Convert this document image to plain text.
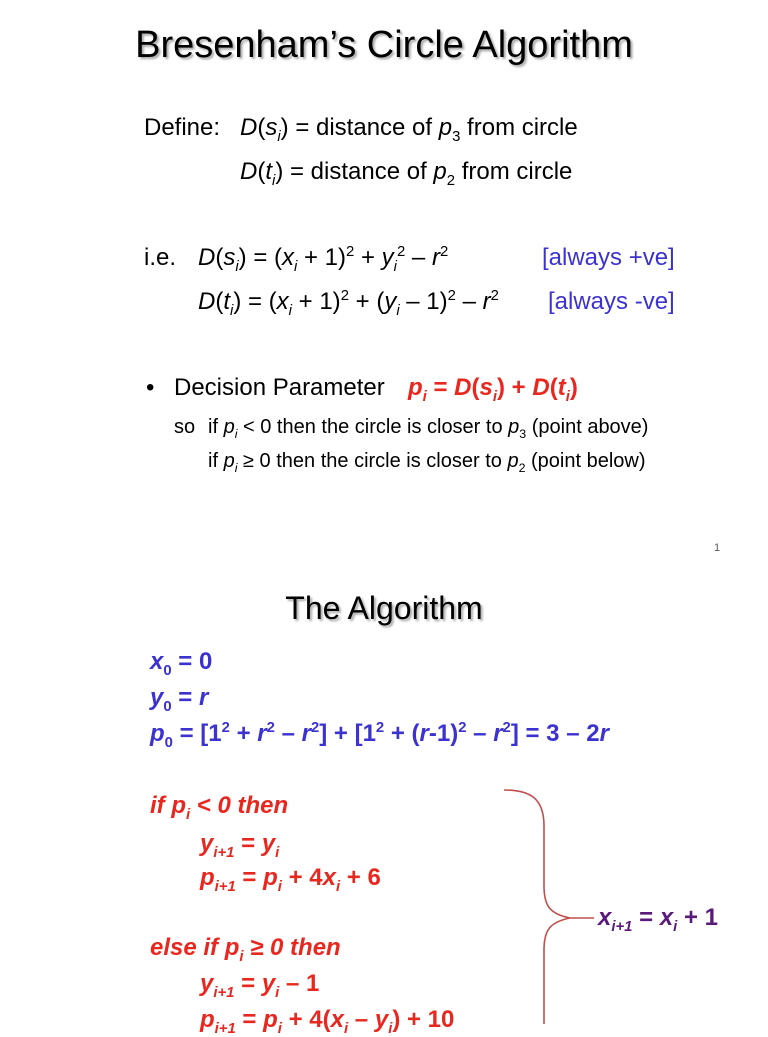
Bresenham’s Circle Algorithm
Define: $D(s_i)$ = distance of $p_3$ from circle
$D(t_i)$ = distance of $p_2$ from circle
i.e. $D(s_i) = (x_i + 1)^2 + y_i^2 - r^2$	[always +ve]
$D(t_i) = (x_i + 1)^2 + (y_i - 1)^2 - r^2$ [always -ve]
• Decision Parameter $p_i = D(s_i) + D(t_i)$
so if $p_i < 0$ then the circle is closer to $p_3$ (point above)
if $p_i \ge 0$ then the circle is closer to $p_2$ (point below)
1
The Algorithm
$x_0 = 0$
$y_0 = r$
$p_0 = [1^2 + r^2 - r^2] + [1^2 + (r-1)^2 - r^2] = 3 - 2r$
if $p_i < 0$ then
$y_{i+1} = y_i$
$p_{i+1} = p_i + 4x_i + 6$
else if $p_i \ge 0$ then
$y_{i+1} = y_i - 1$
$p_{i+1} = p_i + 4(x_i - y_i) + 10$
$x_{i+1} = x_i + 1$
